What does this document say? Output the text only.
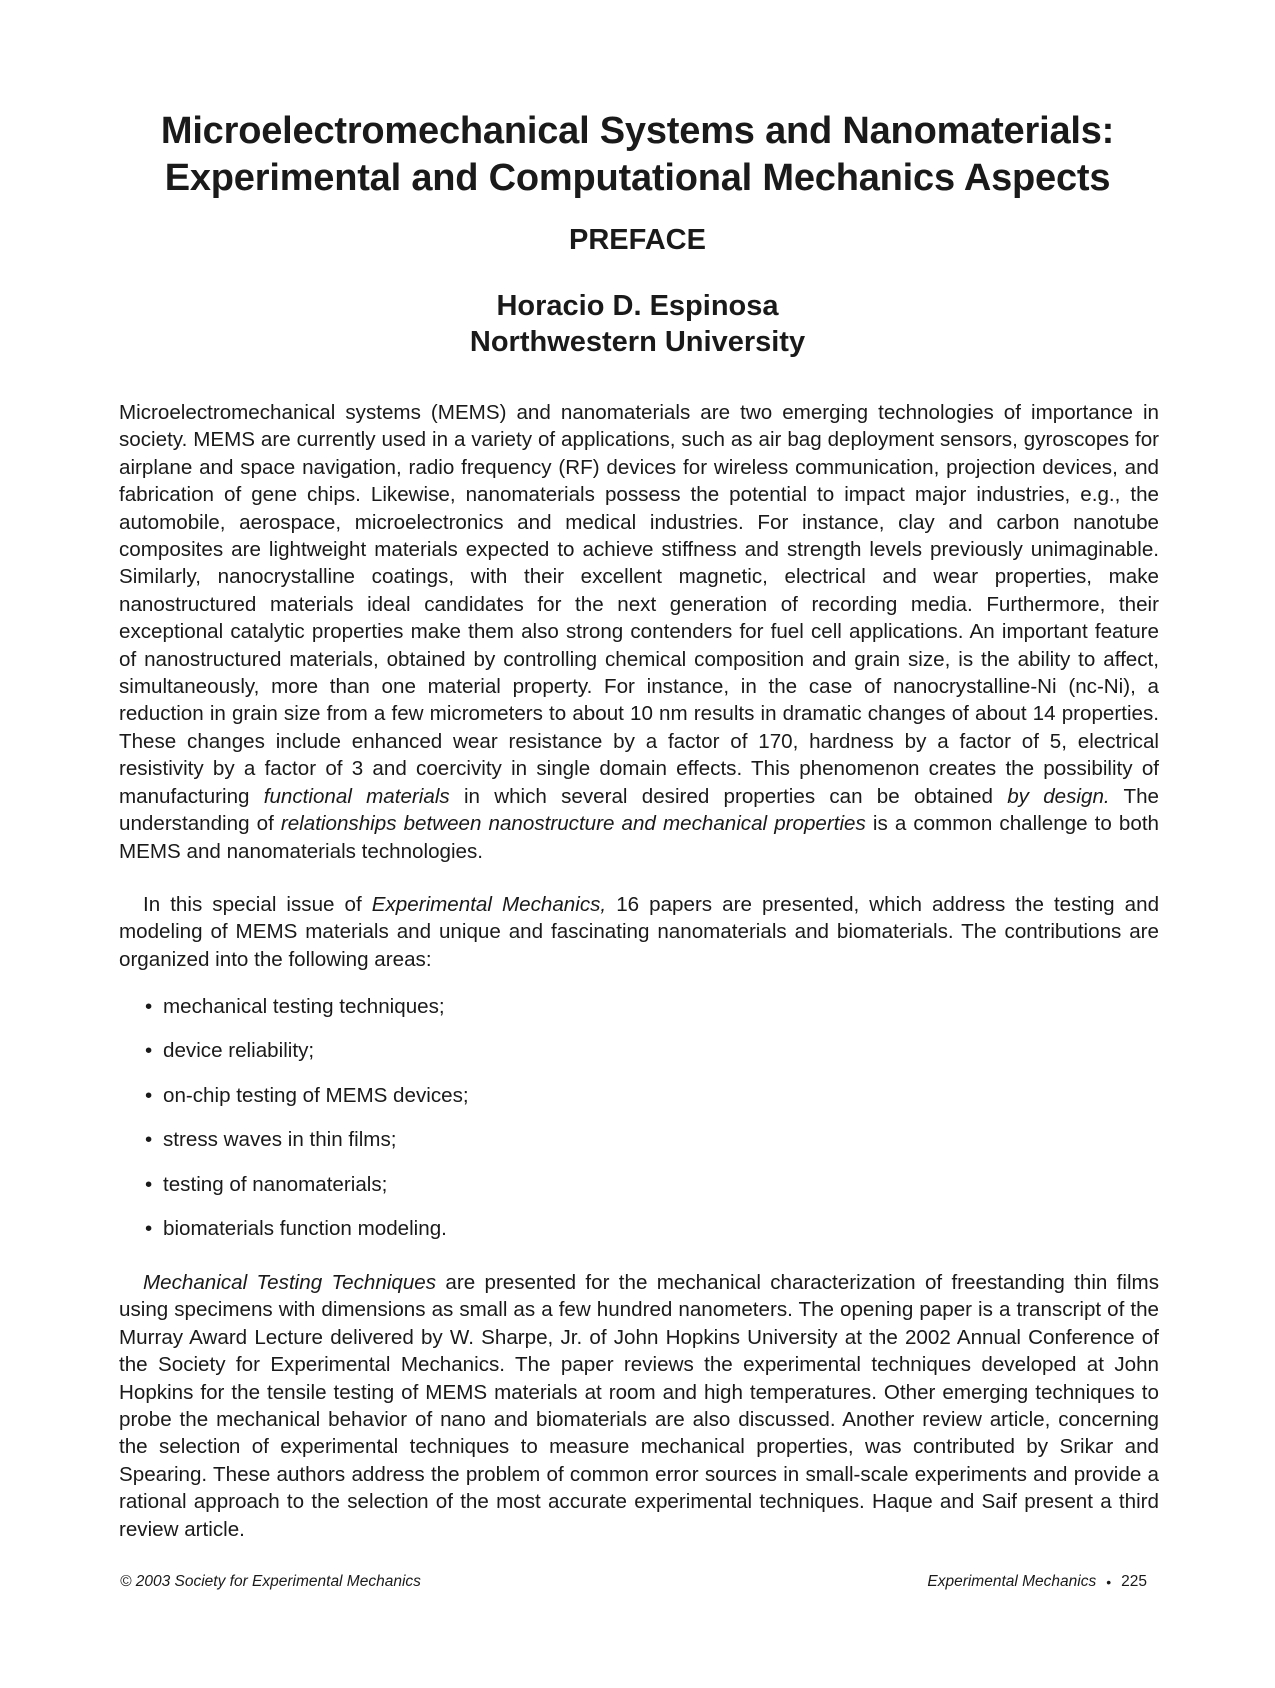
Microelectromechanical Systems and Nanomaterials: Experimental and Computational Mechanics Aspects
PREFACE
Horacio D. Espinosa
Northwestern University

Microelectromechanical systems (MEMS) and nanomaterials are two emerging technologies of importance in society. MEMS are currently used in a variety of applications, such as air bag deployment sensors, gyroscopes for airplane and space navigation, radio frequency (RF) devices for wireless communication, projection devices, and fabrication of gene chips. Likewise, nanomaterials possess the potential to impact major industries, e.g., the automobile, aerospace, microelectronics and medical industries. For instance, clay and carbon nanotube composites are lightweight materials expected to achieve stiffness and strength levels previously unimaginable. Similarly, nanocrystalline coatings, with their excellent magnetic, electrical and wear properties, make nanostructured materials ideal candidates for the next generation of recording media. Furthermore, their exceptional catalytic properties make them also strong contenders for fuel cell applications. An important feature of nanostructured materials, obtained by controlling chemical composition and grain size, is the ability to affect, simultaneously, more than one material property. For instance, in the case of nanocrystalline-Ni (nc-Ni), a reduction in grain size from a few micrometers to about 10 nm results in dramatic changes of about 14 properties. These changes include enhanced wear resistance by a factor of 170, hardness by a factor of 5, electrical resistivity by a factor of 3 and coercivity in single domain effects. This phenomenon creates the possibility of manufacturing functional materials in which several desired properties can be obtained by design. The understanding of relationships between nanostructure and mechanical properties is a common challenge to both MEMS and nanomaterials technologies.

In this special issue of Experimental Mechanics, 16 papers are presented, which address the testing and modeling of MEMS materials and unique and fascinating nanomaterials and biomaterials. The contributions are organized into the following areas:

• mechanical testing techniques;
• device reliability;
• on-chip testing of MEMS devices;
• stress waves in thin films;
• testing of nanomaterials;
• biomaterials function modeling.

Mechanical Testing Techniques are presented for the mechanical characterization of freestanding thin films using specimens with dimensions as small as a few hundred nanometers. The opening paper is a transcript of the Murray Award Lecture delivered by W. Sharpe, Jr. of John Hopkins University at the 2002 Annual Conference of the Society for Experimental Mechanics. The paper reviews the experimental techniques developed at John Hopkins for the tensile testing of MEMS materials at room and high temperatures. Other emerging techniques to probe the mechanical behavior of nano and biomaterials are also discussed. Another review article, concerning the selection of experimental techniques to measure mechanical properties, was contributed by Srikar and Spearing. These authors address the problem of common error sources in small-scale experiments and provide a rational approach to the selection of the most accurate experimental techniques. Haque and Saif present a third review article.

© 2003 Society for Experimental Mechanics	Experimental Mechanics • 225
